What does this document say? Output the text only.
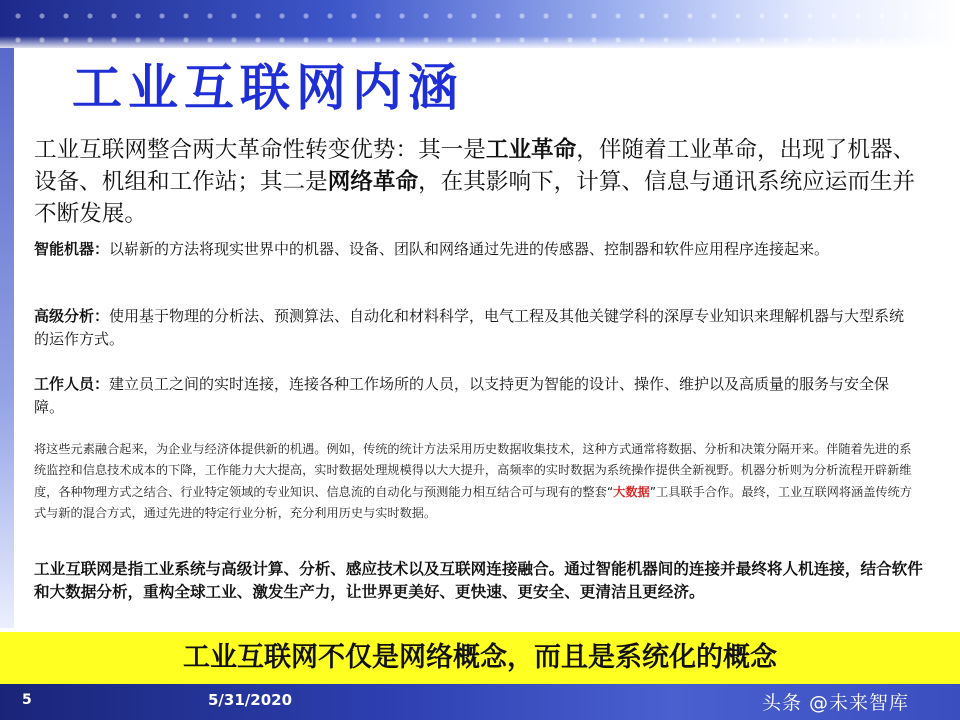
工业互联网内涵

工业互联网整合两大革命性转变优势：其一是工业革命，伴随着工业革命，出现了机器、设备、机组和工作站；其二是网络革命，在其影响下，计算、信息与通讯系统应运而生并不断发展。

智能机器：以崭新的方法将现实世界中的机器、设备、团队和网络通过先进的传感器、控制器和软件应用程序连接起来。

高级分析：使用基于物理的分析法、预测算法、自动化和材料科学，电气工程及其他关键学科的深厚专业知识来理解机器与大型系统的运作方式。

工作人员：建立员工之间的实时连接，连接各种工作场所的人员，以支持更为智能的设计、操作、维护以及高质量的服务与安全保障。

将这些元素融合起来，为企业与经济体提供新的机遇。例如，传统的统计方法采用历史数据收集技术，这种方式通常将数据、分析和决策分隔开来。伴随着先进的系统监控和信息技术成本的下降，工作能力大大提高，实时数据处理规模得以大大提升，高频率的实时数据为系统操作提供全新视野。机器分析则为分析流程开辟新维度，各种物理方式之结合、行业特定领域的专业知识、信息流的自动化与预测能力相互结合可与现有的整套“大数据”工具联手合作。最终，工业互联网将涵盖传统方式与新的混合方式，通过先进的特定行业分析，充分利用历史与实时数据。

工业互联网是指工业系统与高级计算、分析、感应技术以及互联网连接融合。通过智能机器间的连接并最终将人机连接，结合软件和大数据分析，重构全球工业、激发生产力，让世界更美好、更快速、更安全、更清洁且更经济。

工业互联网不仅是网络概念，而且是系统化的概念
5	5/31/2020	头条 @未来智库
